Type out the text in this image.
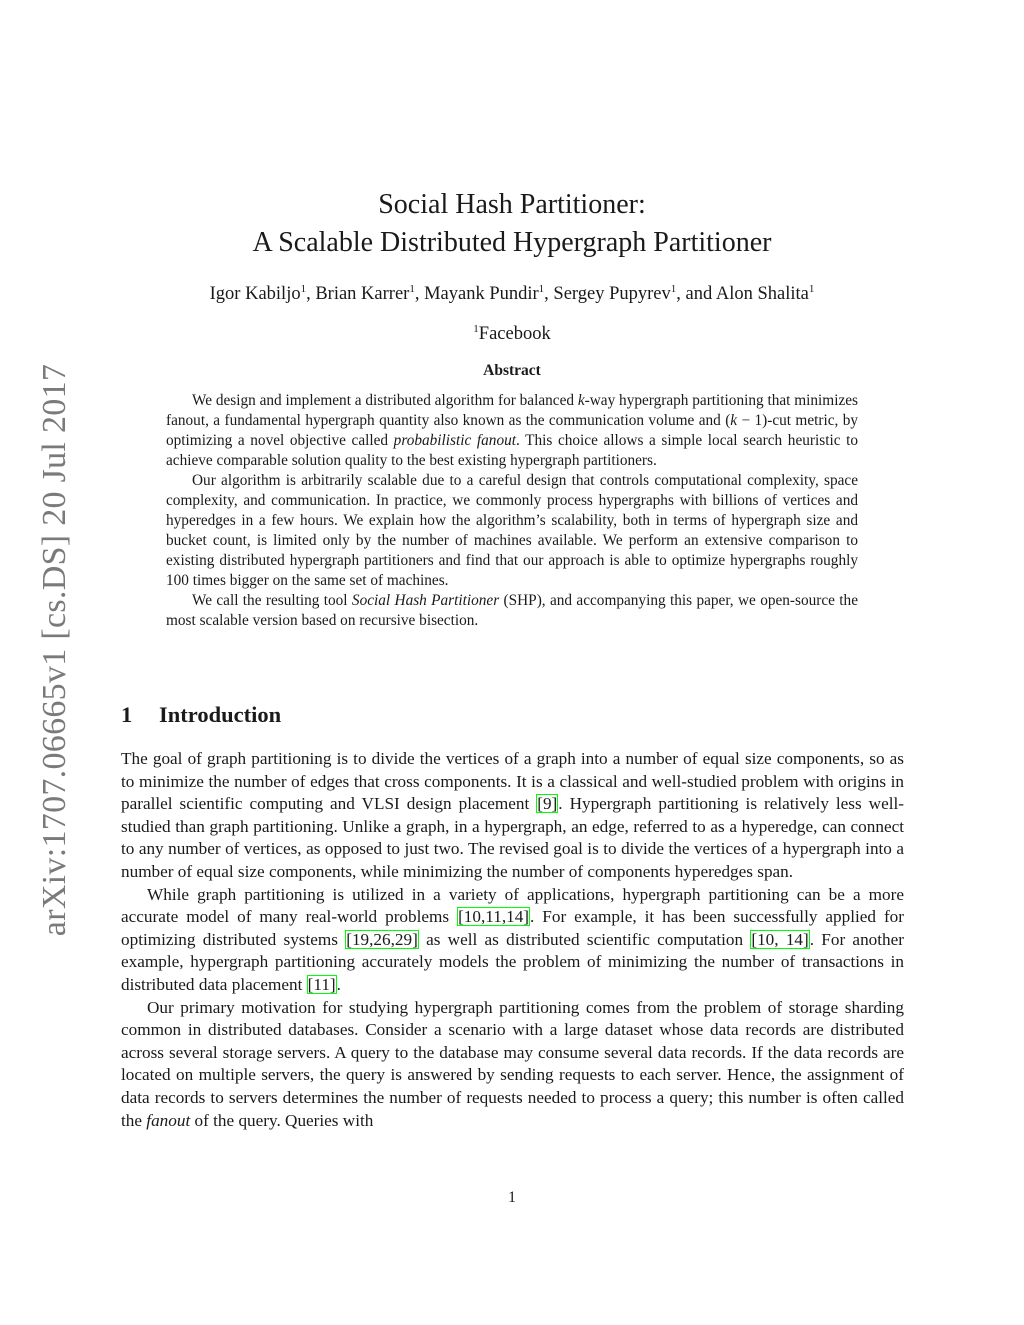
arXiv:1707.06665v1 [cs.DS] 20 Jul 2017
Social Hash Partitioner:
A Scalable Distributed Hypergraph Partitioner
Igor Kabiljo$^1$, Brian Karrer$^1$, Mayank Pundir$^1$, Sergey Pupyrev$^1$, and Alon Shalita$^1$
$^1$Facebook
Abstract

We design and implement a distributed algorithm for balanced k-way hypergraph partitioning that minimizes fanout, a fundamental hypergraph quantity also known as the communication volume and (k − 1)-cut metric, by optimizing a novel objective called probabilistic fanout. This choice allows a simple local search heuristic to achieve comparable solution quality to the best existing hypergraph partitioners.

Our algorithm is arbitrarily scalable due to a careful design that controls computational complexity, space complexity, and communication. In practice, we commonly process hypergraphs with billions of vertices and hyperedges in a few hours. We explain how the algorithm’s scalability, both in terms of hypergraph size and bucket count, is limited only by the number of machines available. We perform an extensive comparison to existing distributed hypergraph partitioners and find that our approach is able to optimize hypergraphs roughly 100 times bigger on the same set of machines.

We call the resulting tool Social Hash Partitioner (SHP), and accompanying this paper, we open-source the most scalable version based on recursive bisection.

1 Introduction

The goal of graph partitioning is to divide the vertices of a graph into a number of equal size components, so as to minimize the number of edges that cross components. It is a classical and well-studied problem with origins in parallel scientific computing and VLSI design placement [9]. Hypergraph partitioning is relatively less well-studied than graph partitioning. Unlike a graph, in a hypergraph, an edge, referred to as a hyperedge, can connect to any number of vertices, as opposed to just two. The revised goal is to divide the vertices of a hypergraph into a number of equal size components, while minimizing the number of components hyperedges span.

While graph partitioning is utilized in a variety of applications, hypergraph partitioning can be a more accurate model of many real-world problems [10,11,14]. For example, it has been successfully applied for optimizing distributed systems [19,26,29] as well as distributed scientific computation [10, 14]. For another example, hypergraph partitioning accurately models the problem of minimizing the number of transactions in distributed data placement [11].

Our primary motivation for studying hypergraph partitioning comes from the problem of storage sharding common in distributed databases. Consider a scenario with a large dataset whose data records are distributed across several storage servers. A query to the database may consume several data records. If the data records are located on multiple servers, the query is answered by sending requests to each server. Hence, the assignment of data records to servers determines the number of requests needed to process a query; this number is often called the fanout of the query. Queries with

1
